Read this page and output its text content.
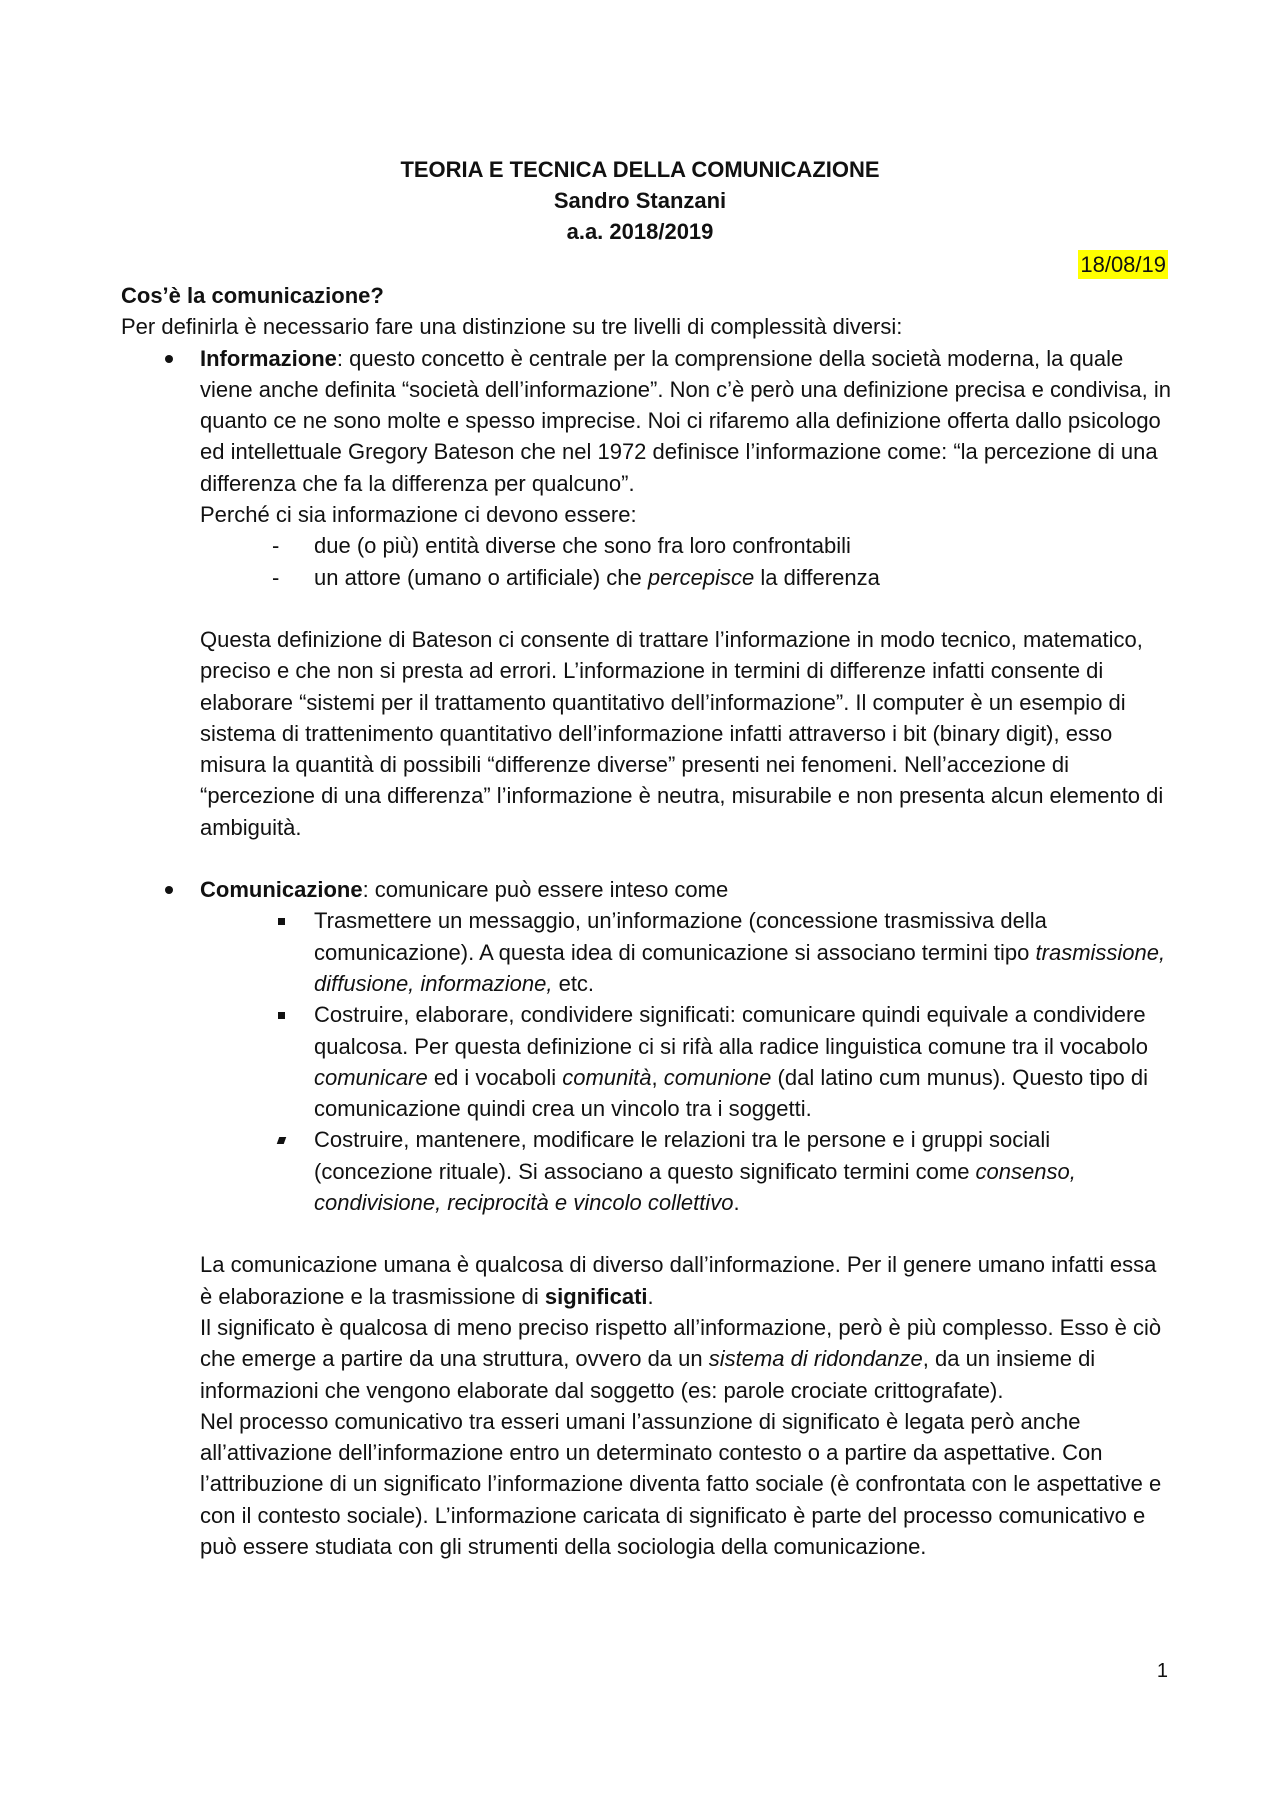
TEORIA E TECNICA DELLA COMUNICAZIONE
Sandro Stanzani
a.a. 2018/2019
18/08/19

Cos’è la comunicazione?

Per definirla è necessario fare una distinzione su tre livelli di complessità diversi:

Informazione: questo concetto è centrale per la comprensione della società moderna, la quale viene anche definita “società dell’informazione”. Non c’è però una definizione precisa e condivisa, in quanto ce ne sono molte e spesso imprecise. Noi ci rifaremo alla definizione offerta dallo psicologo ed intellettuale Gregory Bateson che nel 1972 definisce l’informazione come: “la percezione di una differenza che fa la differenza per qualcuno”.

Perché ci sia informazione ci devono essere:

- due (o più) entità diverse che sono fra loro confrontabili
- un attore (umano o artificiale) che percepisce la differenza

Questa definizione di Bateson ci consente di trattare l’informazione in modo tecnico, matematico, preciso e che non si presta ad errori. L’informazione in termini di differenze infatti consente di elaborare “sistemi per il trattamento quantitativo dell’informazione”. Il computer è un esempio di sistema di trattenimento quantitativo dell’informazione infatti attraverso i bit (binary digit), esso misura la quantità di possibili “differenze diverse” presenti nei fenomeni. Nell’accezione di “percezione di una differenza” l’informazione è neutra, misurabile e non presenta alcun elemento di ambiguità.

Comunicazione: comunicare può essere inteso come

Trasmettere un messaggio, un’informazione (concessione trasmissiva della comunicazione). A questa idea di comunicazione si associano termini tipo trasmissione, diffusione, informazione, etc.

Costruire, elaborare, condividere significati: comunicare quindi equivale a condividere qualcosa. Per questa definizione ci si rifà alla radice linguistica comune tra il vocabolo comunicare ed i vocaboli comunità, comunione (dal latino cum munus). Questo tipo di comunicazione quindi crea un vincolo tra i soggetti.

Costruire, mantenere, modificare le relazioni tra le persone e i gruppi sociali (concezione rituale). Si associano a questo significato termini come consenso, condivisione, reciprocità e vincolo collettivo.

La comunicazione umana è qualcosa di diverso dall’informazione. Per il genere umano infatti essa è elaborazione e la trasmissione di significati.

Il significato è qualcosa di meno preciso rispetto all’informazione, però è più complesso. Esso è ciò che emerge a partire da una struttura, ovvero da un sistema di ridondanze, da un insieme di informazioni che vengono elaborate dal soggetto (es: parole crociate crittografate).

Nel processo comunicativo tra esseri umani l’assunzione di significato è legata però anche all’attivazione dell’informazione entro un determinato contesto o a partire da aspettative. Con l’attribuzione di un significato l’informazione diventa fatto sociale (è confrontata con le aspettative e con il contesto sociale). L’informazione caricata di significato è parte del processo comunicativo e può essere studiata con gli strumenti della sociologia della comunicazione.

1
